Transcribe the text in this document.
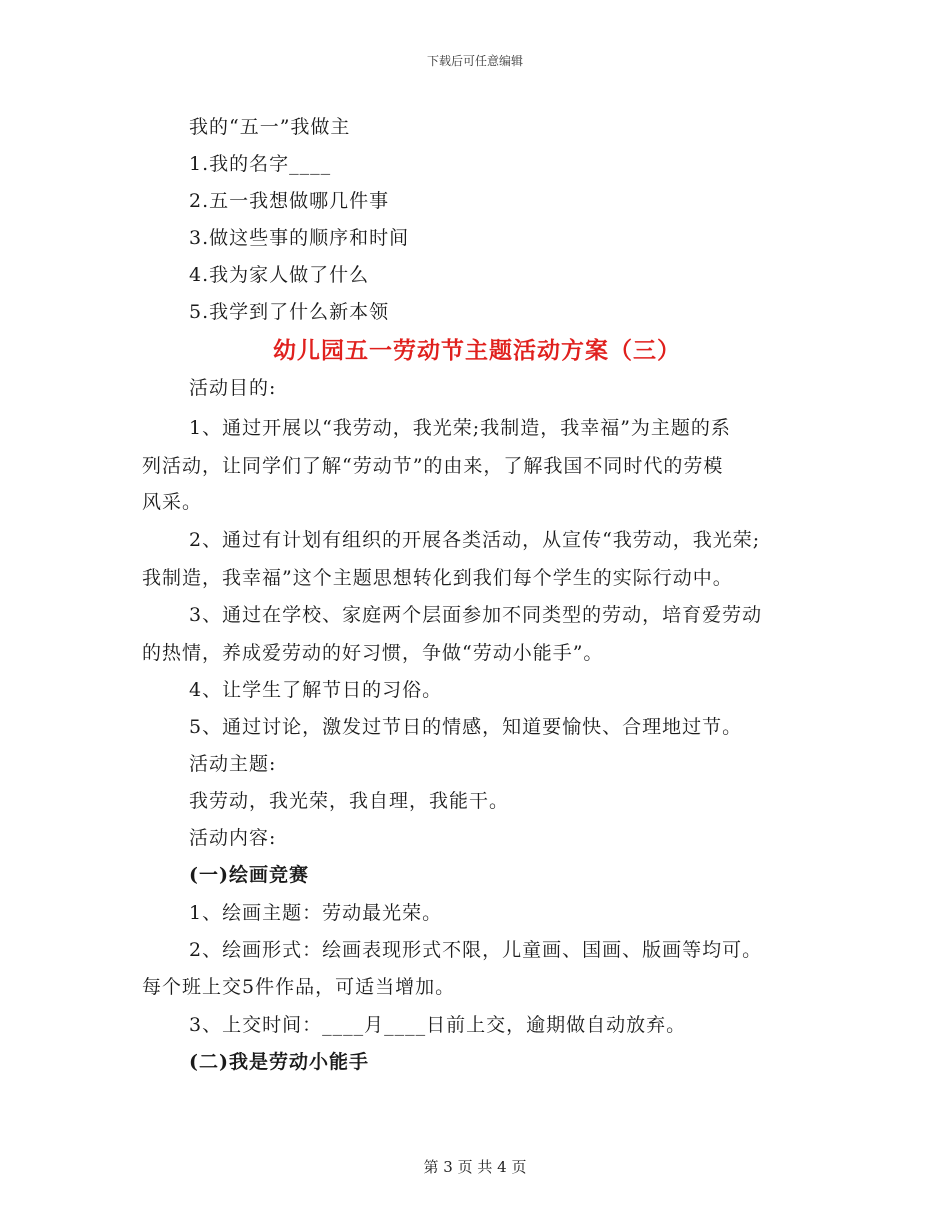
下载后可任意编辑
我的“五一”我做主
1.我的名字____
2.五一我想做哪几件事
3.做这些事的顺序和时间
4.我为家人做了什么
5.我学到了什么新本领
幼儿园五一劳动节主题活动方案（三）
活动目的:
1、通过开展以“我劳动，我光荣;我制造，我幸福”为主题的系
列活动，让同学们了解“劳动节”的由来，了解我国不同时代的劳模
风采。
2、通过有计划有组织的开展各类活动，从宣传“我劳动，我光荣;
我制造，我幸福”这个主题思想转化到我们每个学生的实际行动中。
3、通过在学校、家庭两个层面参加不同类型的劳动，培育爱劳动
的热情，养成爱劳动的好习惯，争做“劳动小能手”。
4、让学生了解节日的习俗。
5、通过讨论，激发过节日的情感，知道要愉快、合理地过节。
活动主题:
我劳动，我光荣，我自理，我能干。
活动内容:
(一)绘画竞赛
1、绘画主题：劳动最光荣。
2、绘画形式：绘画表现形式不限，儿童画、国画、版画等均可。
每个班上交5件作品，可适当增加。
3、上交时间：____月____日前上交，逾期做自动放弃。
(二)我是劳动小能手
第 3 页 共 4 页
